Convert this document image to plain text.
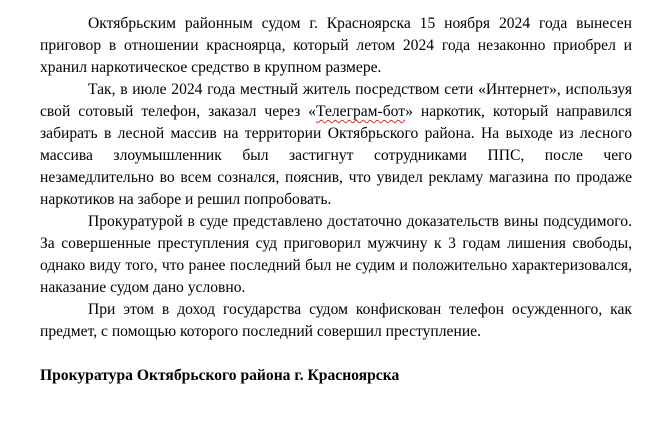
Октябрьским районным судом г. Красноярска 15 ноября 2024 года вынесен приговор в отношении красноярца, который летом 2024 года незаконно приобрел и хранил наркотическое средство в крупном размере.

Так, в июле 2024 года местный житель посредством сети «Интернет», используя свой сотовый телефон, заказал через «Телеграм-бот» наркотик, который направился забирать в лесной массив на территории Октябрьского района. На выходе из лесного массива злоумышленник был застигнут сотрудниками ППС, после чего незамедлительно во всем сознался, пояснив, что увидел рекламу магазина по продаже наркотиков на заборе и решил попробовать.

Прокуратурой в суде представлено достаточно доказательств вины подсудимого. За совершенные преступления суд приговорил мужчину к 3 годам лишения свободы, однако виду того, что ранее последний был не судим и положительно характеризовался, наказание судом дано условно.

При этом в доход государства судом конфискован телефон осужденного, как предмет, с помощью которого последний совершил преступление.

Прокуратура Октябрьского района г. Красноярска
